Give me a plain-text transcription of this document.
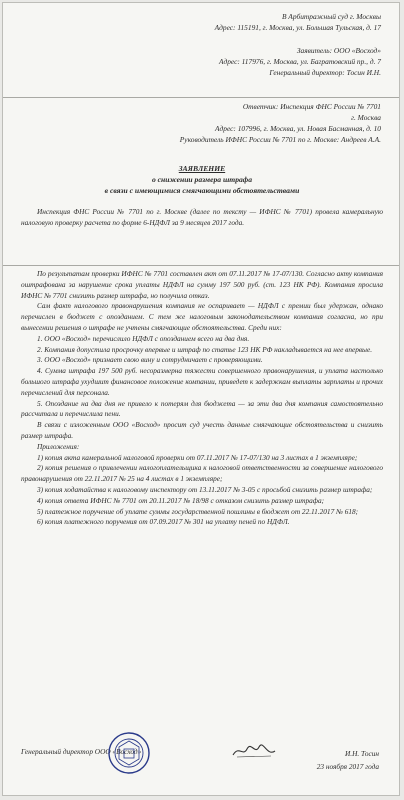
В Арбитражный суд г. Москвы
Адрес: 115191, г. Москва, ул. Большая Тульская, д. 17
Заявитель: ООО «Восход»
Адрес: 117976, г. Москва, ул. Багратовский пр., д. 7
Генеральный директор: Тосин И.Н.
Ответчик: Инспекция ФНС России № 7701
г. Москва
Адрес: 107996, г. Москва, ул. Новая Басманная, д. 10
Руководитель ИФНС России № 7701 по г. Москве: Андреев А.А.
ЗАЯВЛЕНИЕ
о снижении размера штрафа
в связи с имеющимися смягчающими обстоятельствами

Инспекция ФНС России № 7701 по г. Москве (далее по тексту — ИФНС № 7701) провела камеральную налоговую проверку расчета по форме 6-НДФЛ за 9 месяцев 2017 года.

По результатам проверки ИФНС № 7701 составлен акт от 07.11.2017 № 17-07/130. Согласно акту компания оштрафована за нарушение срока уплаты НДФЛ на сумму 197 500 руб. (ст. 123 НК РФ). Компания просила ИФНС № 7701 снизить размер штрафа, но получила отказ.

Сам факт налогового правонарушения компания не оспаривает — НДФЛ с премии был удержан, однако перечислен в бюджет с опозданием. С тем же налоговым законодательством компания согласна, но при вынесении решения о штрафе не учтены смягчающие обстоятельства. Среди них:

1. ООО «Восход» перечислило НДФЛ с опозданием всего на два дня.

2. Компания допустила просрочку впервые и штраф по статье 123 НК РФ накладывается на нее впервые.

3. ООО «Восход» признает свою вину и сотрудничает с проверяющими.

4. Сумма штрафа 197 500 руб. несоразмерна тяжести совершенного правонарушения, и уплата настолько большого штрафа ухудшит финансовое положение компании, приведет к задержкам выплаты зарплаты и прочих перечислений для персонала.

5. Опоздание на два дня не привело к потерям для бюджета — за эти два дня компания самостоятельно рассчитала и перечислила пени.

В связи с изложенным ООО «Восход» просит суд учесть данные смягчающие обстоятельства и снизить размер штрафа.

Приложения:

1) копия акта камеральной налоговой проверки от 07.11.2017 № 17-07/130 на 3 листах в 1 экземпляре;

2) копия решения о привлечении налогоплательщика к налоговой ответственности за совершение налогового правонарушения от 22.11.2017 № 25 на 4 листах в 1 экземпляре;

3) копия ходатайства к налоговому инспектору от 13.11.2017 № 3-05 с просьбой снизить размер штрафа;

4) копия ответа ИФНС № 7701 от 20.11.2017 № 18/98 с отказом снизить размер штрафа;

5) платежное поручение об уплате суммы государственной пошлины в бюджет от 22.11.2017 № 618;

6) копия платежного поручения от 07.09.2017 № 301 на уплату пеней по НДФЛ.

Генеральный директор ООО «Восход»	И.Н. Тосин
23 ноября 2017 года
